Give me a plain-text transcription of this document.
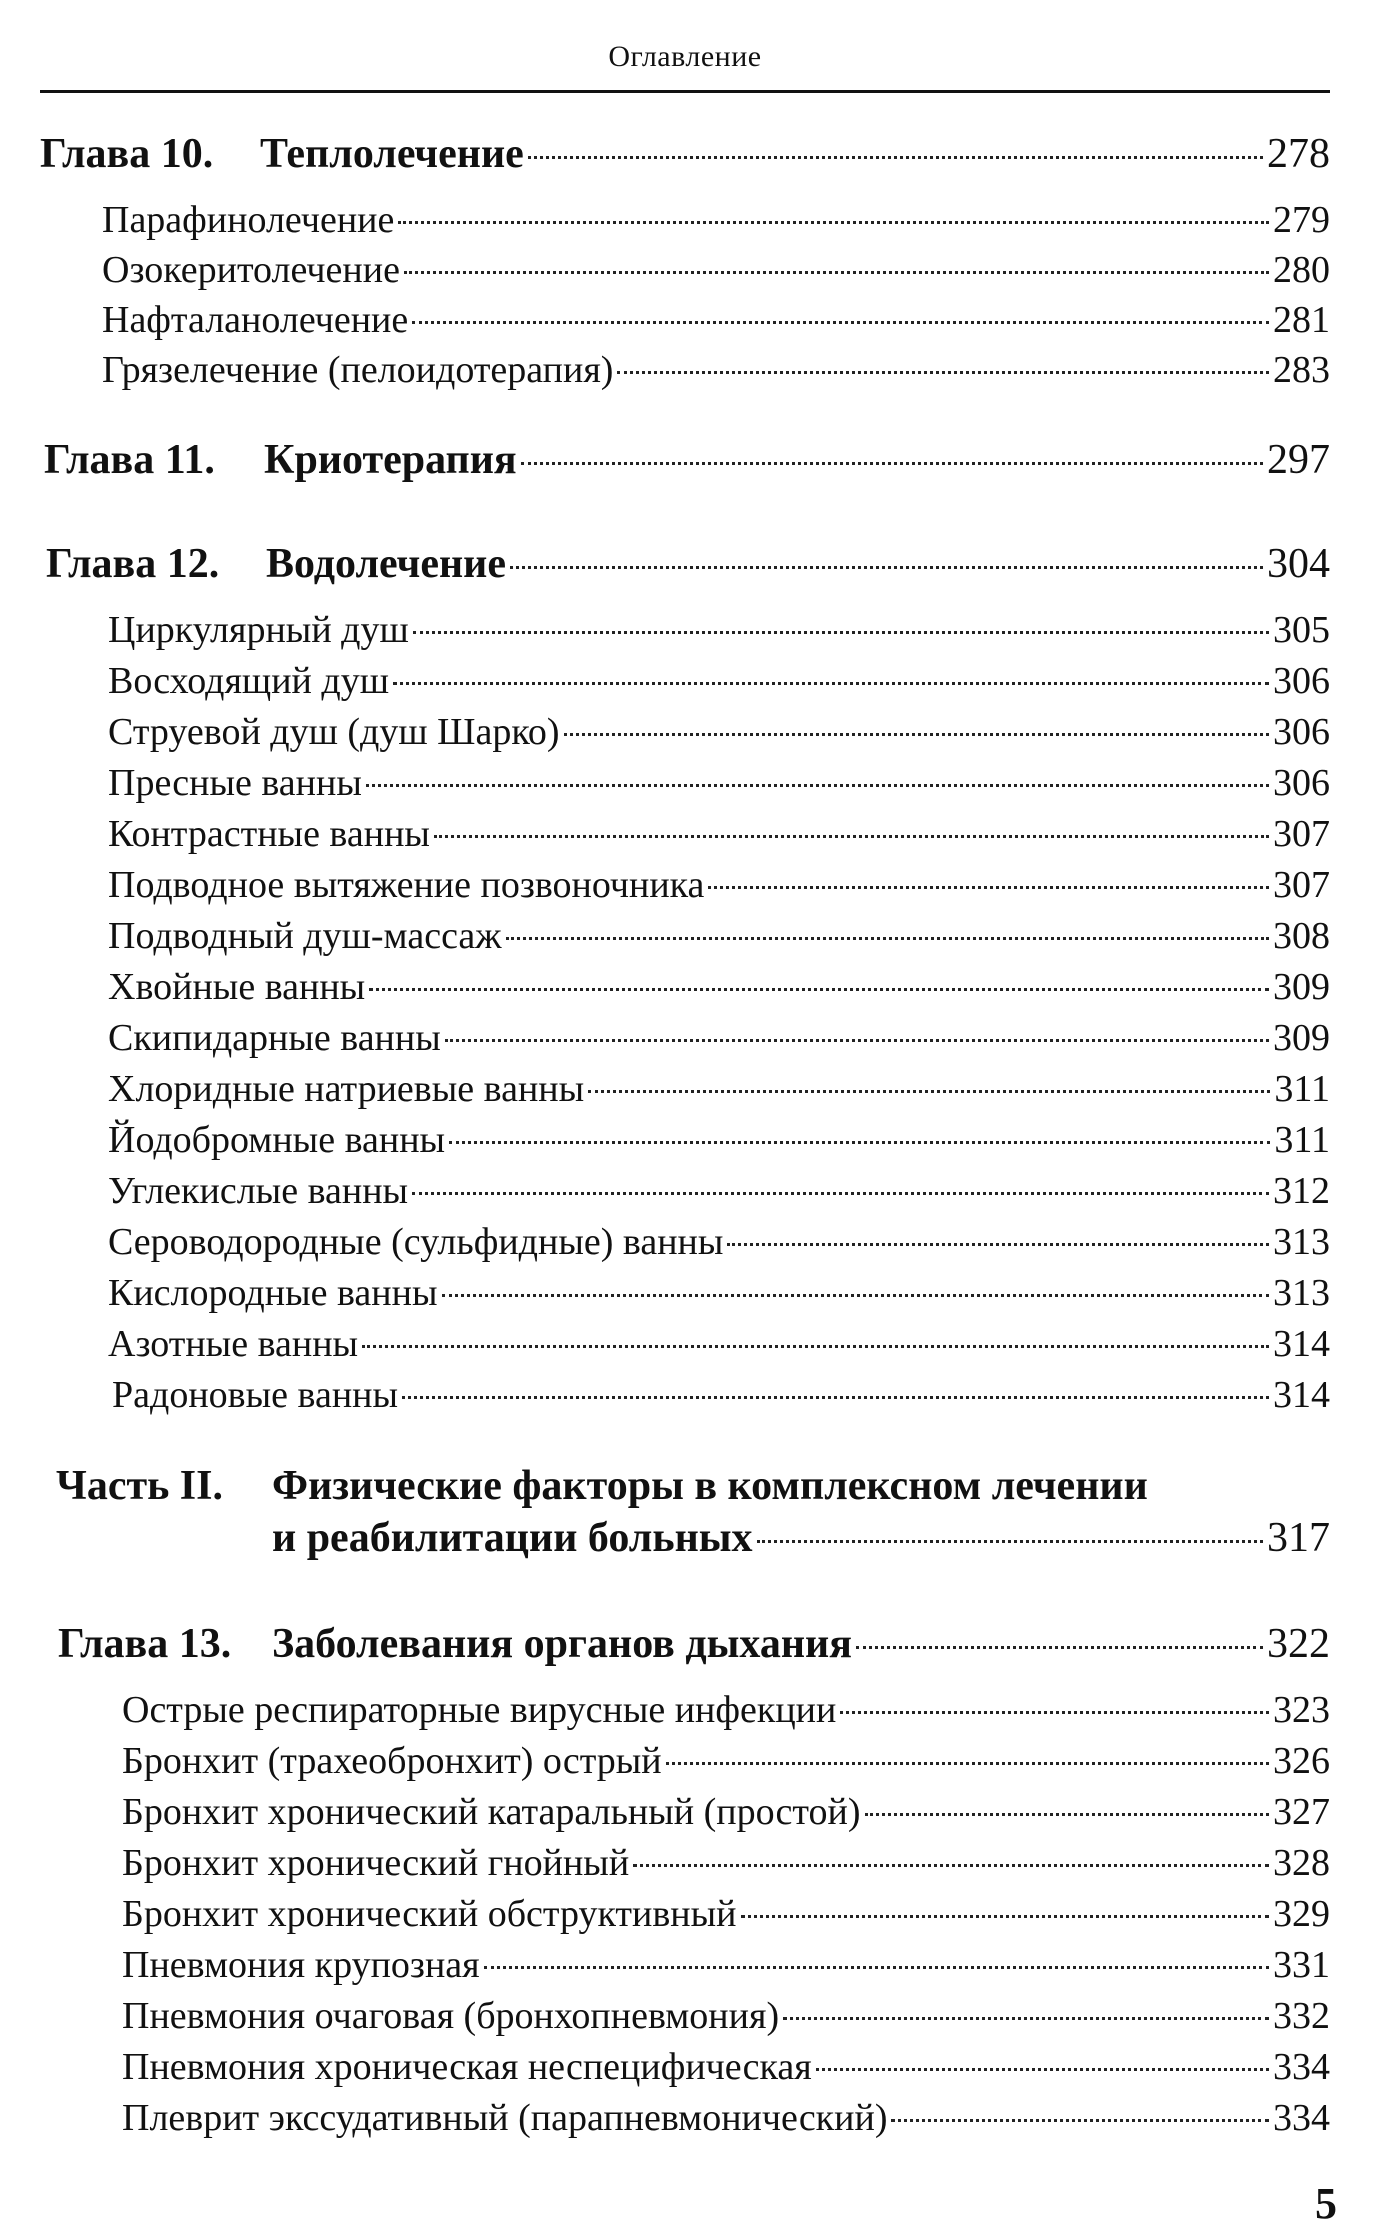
Оглавление
Глава 10.	Теплолечение	278
Парафинолечение	279
Озокеритолечение	280
Нафталанолечение	281
Грязелечение (пелоидотерапия)	283
Глава 11.	Криотерапия	297
Глава 12.	Водолечение	304
Циркулярный душ	305
Восходящий душ	306
Струевой душ (душ Шарко)	306
Пресные ванны	306
Контрастные ванны	307
Подводное вытяжение позвоночника	307
Подводный душ-массаж	308
Хвойные ванны	309
Скипидарные ванны	309
Хлоридные натриевые ванны	311
Йодобромные ванны	311
Углекислые ванны	312
Сероводородные (сульфидные) ванны	313
Кислородные ванны	313
Азотные ванны	314
Радоновые ванны	314
Часть II. Физические факторы в комплексном лечении
и реабилитации больных	317
Глава 13. Заболевания органов дыхания	322
Острые респираторные вирусные инфекции	323
Бронхит (трахеобронхит) острый	326
Бронхит хронический катаральный (простой)	327
Бронхит хронический гнойный	328
Бронхит хронический обструктивный	329
Пневмония крупозная	331
Пневмония очаговая (бронхопневмония)	332
Пневмония хроническая неспецифическая	334
Плеврит экссудативный (парапневмонический)	334
5
